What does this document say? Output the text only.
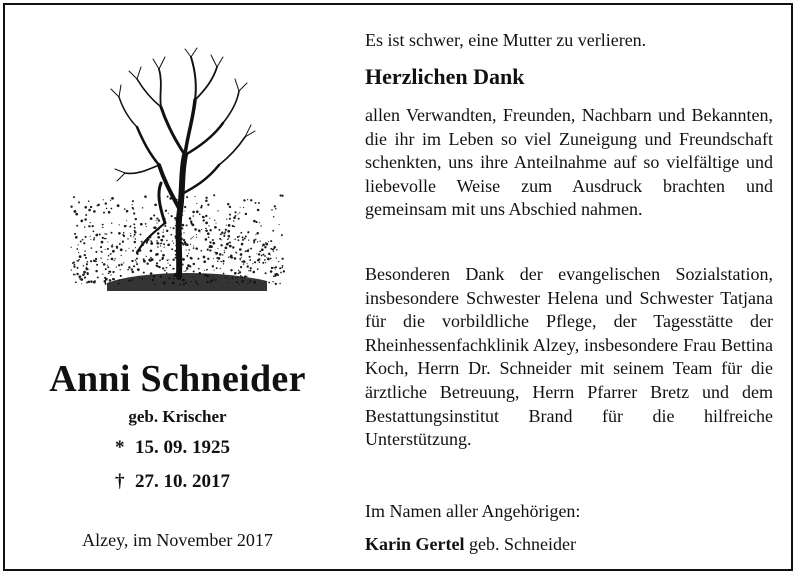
Anni Schneider
geb. Krischer
* 15. 09. 1925
† 27. 10. 2017
Alzey, im November 2017
Es ist schwer, eine Mutter zu verlieren.
Herzlichen Dank
allen Verwandten, Freunden, Nachbarn und Bekannten, die ihr im Leben so viel Zuneigung und Freundschaft schenkten, uns ihre Anteilnahme auf so vielfältige und liebevolle Weise zum Ausdruck brachten und gemeinsam mit uns Abschied nahmen.
Besonderen Dank der evangelischen Sozialstation, insbesondere Schwester Helena und Schwester Tatjana für die vorbildliche Pflege, der Tagesstätte der Rheinhessenfachklinik Alzey, insbesondere Frau Bettina Koch, Herrn Dr. Schneider mit seinem Team für die ärztliche Betreuung, Herrn Pfarrer Bretz und dem Bestattungsinstitut Brand für die hilfreiche Unterstützung.
Im Namen aller Angehörigen:
Karin Gertel geb. Schneider
